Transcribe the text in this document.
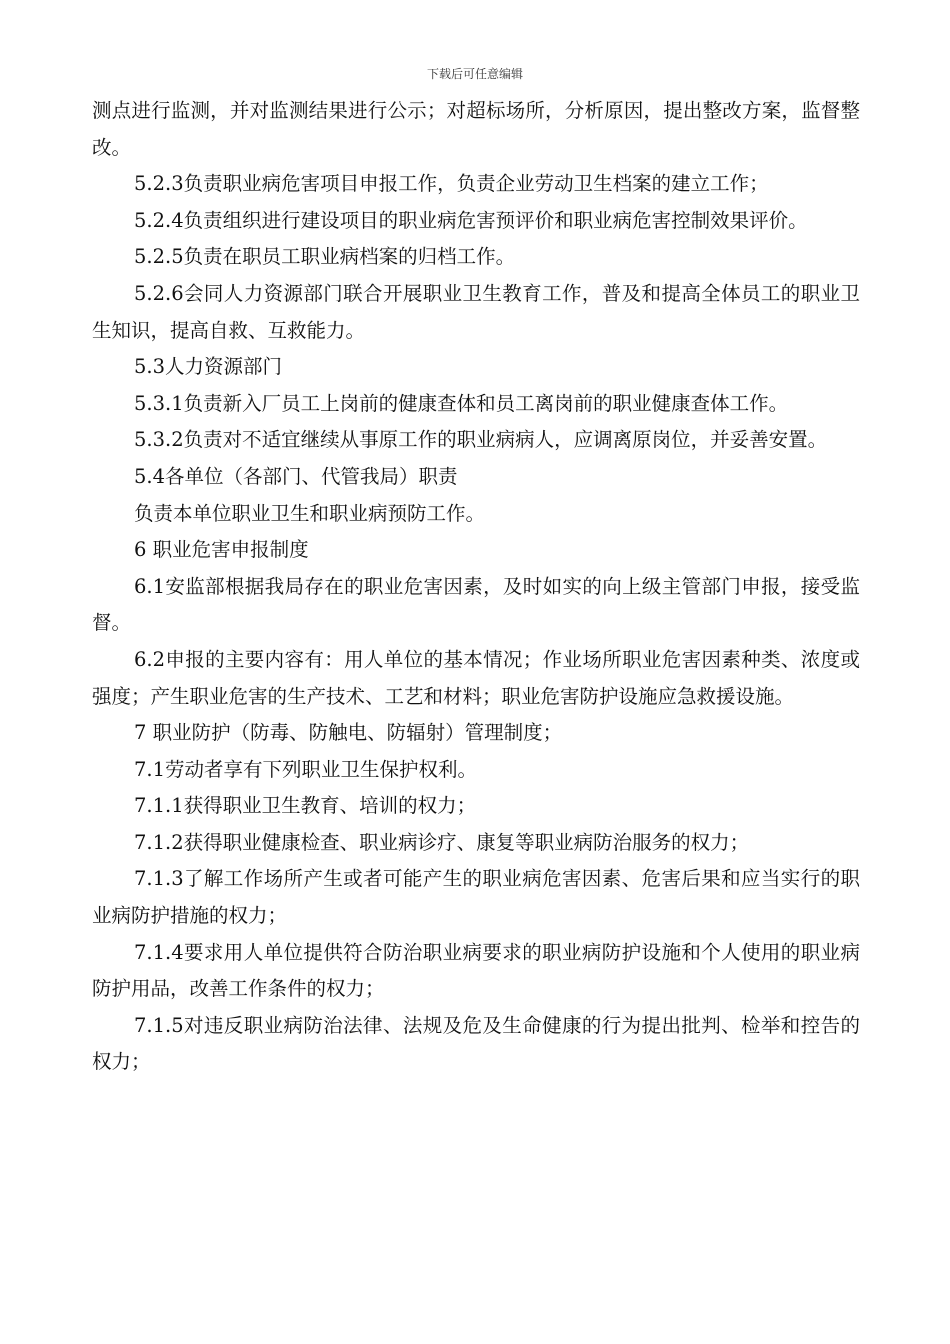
下载后可任意编辑

测点进行监测，并对监测结果进行公示；对超标场所，分析原因，提出整改方案，监督整改。

5.2.3负责职业病危害项目申报工作，负责企业劳动卫生档案的建立工作；

5.2.4负责组织进行建设项目的职业病危害预评价和职业病危害控制效果评价。

5.2.5负责在职员工职业病档案的归档工作。

5.2.6会同人力资源部门联合开展职业卫生教育工作，普及和提高全体员工的职业卫生知识，提高自救、互救能力。

5.3人力资源部门

5.3.1负责新入厂员工上岗前的健康查体和员工离岗前的职业健康查体工作。

5.3.2负责对不适宜继续从事原工作的职业病病人，应调离原岗位，并妥善安置。

5.4各单位（各部门、代管我局）职责

负责本单位职业卫生和职业病预防工作。

6 职业危害申报制度

6.1安监部根据我局存在的职业危害因素，及时如实的向上级主管部门申报，接受监督。

6.2申报的主要内容有：用人单位的基本情况；作业场所职业危害因素种类、浓度或强度；产生职业危害的生产技术、工艺和材料；职业危害防护设施应急救援设施。

7 职业防护（防毒、防触电、防辐射）管理制度；

7.1劳动者享有下列职业卫生保护权利。

7.1.1获得职业卫生教育、培训的权力；

7.1.2获得职业健康检查、职业病诊疗、康复等职业病防治服务的权力；

7.1.3了解工作场所产生或者可能产生的职业病危害因素、危害后果和应当实行的职业病防护措施的权力；

7.1.4要求用人单位提供符合防治职业病要求的职业病防护设施和个人使用的职业病防护用品，改善工作条件的权力；

7.1.5对违反职业病防治法律、法规及危及生命健康的行为提出批判、检举和控告的权力；
